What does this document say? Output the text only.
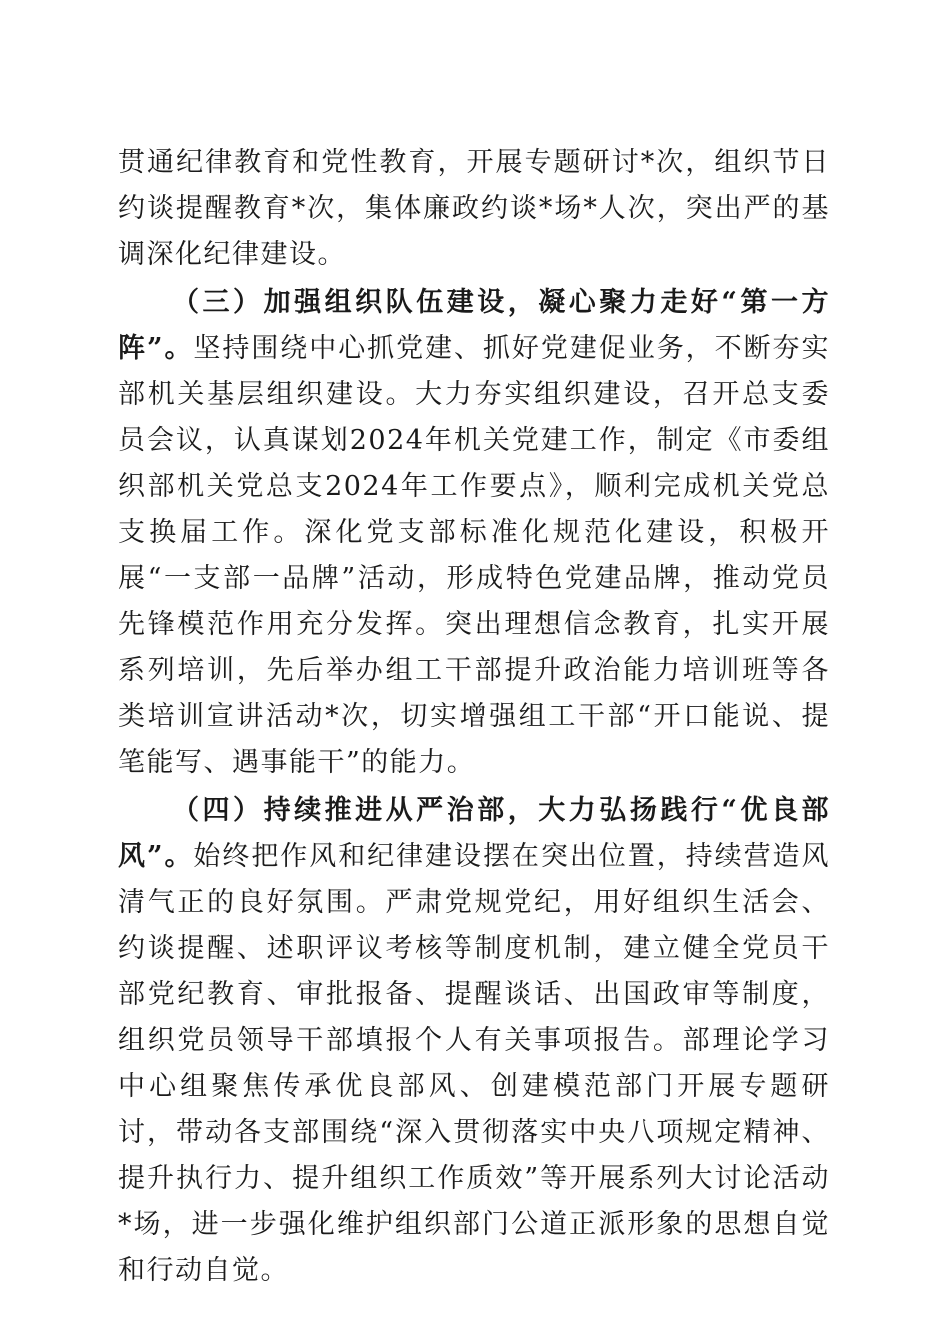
贯通纪律教育和党性教育，开展专题研讨*次，组织节日约谈提醒教育*次，集体廉政约谈*场*人次，突出严的基调深化纪律建设。

（三）加强组织队伍建设，凝心聚力走好“第一方阵”。坚持围绕中心抓党建、抓好党建促业务，不断夯实部机关基层组织建设。大力夯实组织建设，召开总支委员会议，认真谋划2024年机关党建工作，制定《市委组织部机关党总支2024年工作要点》，顺利完成机关党总支换届工作。深化党支部标准化规范化建设，积极开展“一支部一品牌”活动，形成特色党建品牌，推动党员先锋模范作用充分发挥。突出理想信念教育，扎实开展系列培训，先后举办组工干部提升政治能力培训班等各类培训宣讲活动*次，切实增强组工干部“开口能说、提笔能写、遇事能干”的能力。

（四）持续推进从严治部，大力弘扬践行“优良部风”。始终把作风和纪律建设摆在突出位置，持续营造风清气正的良好氛围。严肃党规党纪，用好组织生活会、约谈提醒、述职评议考核等制度机制，建立健全党员干部党纪教育、审批报备、提醒谈话、出国政审等制度，组织党员领导干部填报个人有关事项报告。部理论学习中心组聚焦传承优良部风、创建模范部门开展专题研讨，带动各支部围绕“深入贯彻落实中央八项规定精神、提升执行力、提升组织工作质效”等开展系列大讨论活动*场，进一步强化维护组织部门公道正派形象的思想自觉和行动自觉。
